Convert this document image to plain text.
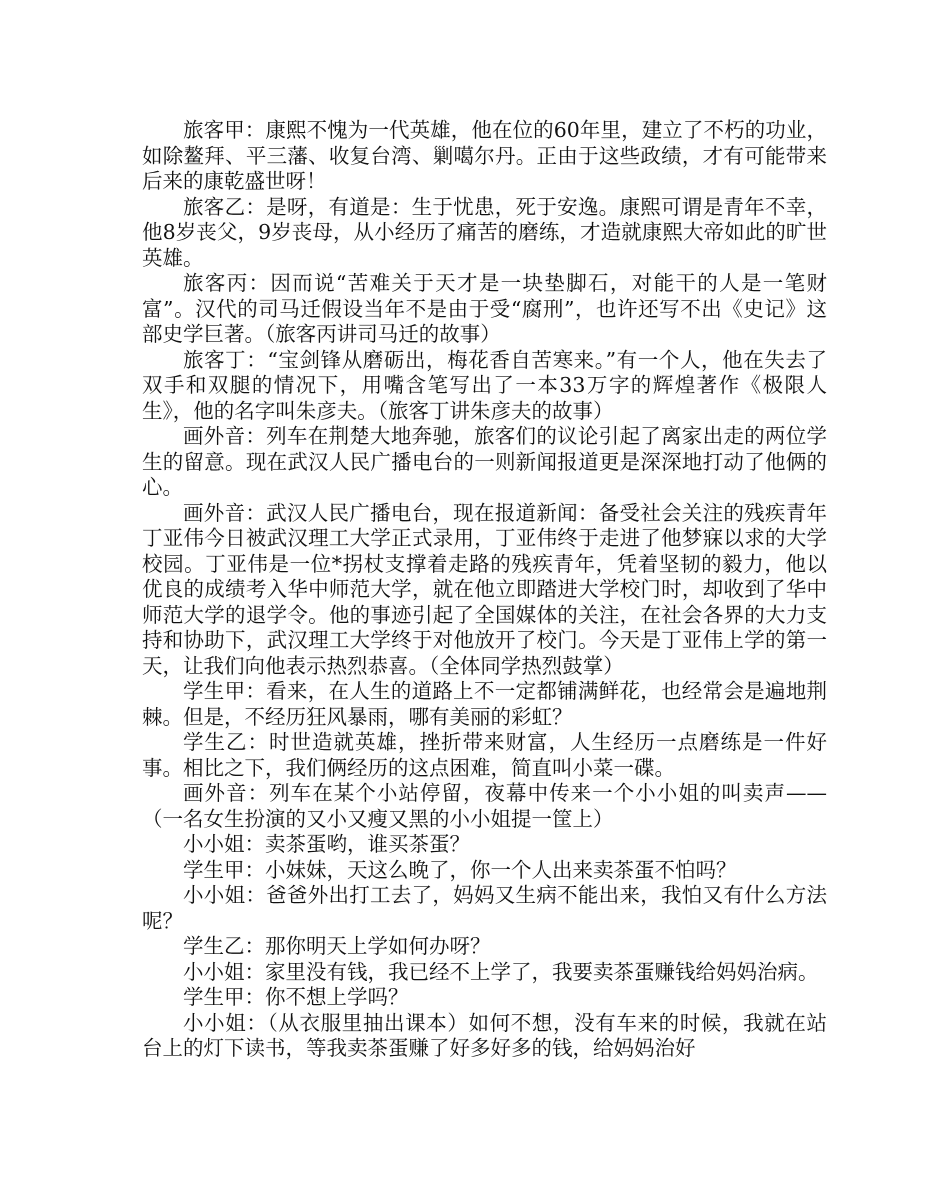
旅客甲：康熙不愧为一代英雄，他在位的60年里，建立了不朽的功业，如除鳌拜、平三藩、收复台湾、剿噶尔丹。正由于这些政绩，才有可能带来后来的康乾盛世呀！

旅客乙：是呀，有道是：生于忧患，死于安逸。康熙可谓是青年不幸，他8岁丧父，9岁丧母，从小经历了痛苦的磨练，才造就康熙大帝如此的旷世英雄。

旅客丙：因而说“苦难关于天才是一块垫脚石，对能干的人是一笔财富”。汉代的司马迁假设当年不是由于受“腐刑”，也许还写不出《史记》这部史学巨著。（旅客丙讲司马迁的故事）

旅客丁：“宝剑锋从磨砺出，梅花香自苦寒来。”有一个人，他在失去了双手和双腿的情况下，用嘴含笔写出了一本33万字的辉煌著作《极限人生》，他的名字叫朱彦夫。（旅客丁讲朱彦夫的故事）

画外音：列车在荆楚大地奔驰，旅客们的议论引起了离家出走的两位学生的留意。现在武汉人民广播电台的一则新闻报道更是深深地打动了他俩的心。

画外音：武汉人民广播电台，现在报道新闻：备受社会关注的残疾青年丁亚伟今日被武汉理工大学正式录用，丁亚伟终于走进了他梦寐以求的大学校园。丁亚伟是一位*拐杖支撑着走路的残疾青年，凭着坚韧的毅力，他以优良的成绩考入华中师范大学，就在他立即踏进大学校门时，却收到了华中师范大学的退学令。他的事迹引起了全国媒体的关注，在社会各界的大力支持和协助下，武汉理工大学终于对他放开了校门。今天是丁亚伟上学的第一天，让我们向他表示热烈恭喜。（全体同学热烈鼓掌）

学生甲：看来，在人生的道路上不一定都铺满鲜花，也经常会是遍地荆棘。但是，不经历狂风暴雨，哪有美丽的彩虹？

学生乙：时世造就英雄，挫折带来财富，人生经历一点磨练是一件好事。相比之下，我们俩经历的这点困难，简直叫小菜一碟。

画外音：列车在某个小站停留，夜幕中传来一个小小姐的叫卖声——（一名女生扮演的又小又瘦又黑的小小姐提一筐上）

小小姐：卖茶蛋哟，谁买茶蛋？

学生甲：小妹妹，天这么晚了，你一个人出来卖茶蛋不怕吗？

小小姐：爸爸外出打工去了，妈妈又生病不能出来，我怕又有什么方法呢？

学生乙：那你明天上学如何办呀？

小小姐：家里没有钱，我已经不上学了，我要卖茶蛋赚钱给妈妈治病。

学生甲：你不想上学吗？

小小姐：（从衣服里抽出课本）如何不想，没有车来的时候，我就在站台上的灯下读书，等我卖茶蛋赚了好多好多的钱，给妈妈治好
